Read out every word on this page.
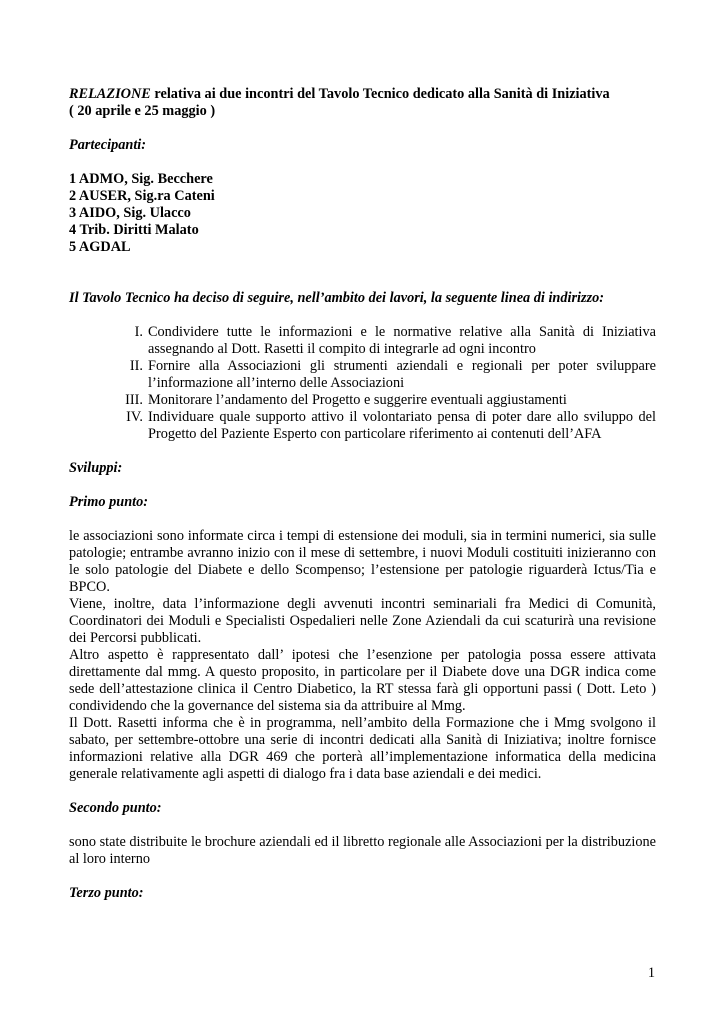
RELAZIONE relativa ai due incontri del Tavolo Tecnico dedicato alla Sanità di Iniziativa

( 20 aprile e 25 maggio )

Partecipanti:

1 ADMO, Sig. Becchere

2 AUSER, Sig.ra Cateni

3 AIDO, Sig. Ulacco

4 Trib. Diritti Malato

5 AGDAL

Il Tavolo Tecnico ha deciso di seguire, nell’ambito dei lavori, la seguente linea di indirizzo:

I. Condividere tutte le informazioni e le normative relative alla Sanità di Iniziativa assegnando al Dott. Rasetti il compito di integrarle ad ogni incontro
II. Fornire alla Associazioni gli strumenti aziendali e regionali per poter sviluppare l’informazione all’interno delle Associazioni
III. Monitorare l’andamento del Progetto e suggerire eventuali aggiustamenti
IV. Individuare quale supporto attivo il volontariato pensa di poter dare allo sviluppo del Progetto del Paziente Esperto con particolare riferimento ai contenuti dell’AFA

Sviluppi:

Primo punto:

le associazioni sono informate circa i tempi di estensione dei moduli, sia in termini numerici, sia sulle patologie; entrambe avranno inizio con il mese di settembre, i nuovi Moduli costituiti inizieranno con le solo patologie del Diabete e dello Scompenso; l’estensione per patologie riguarderà Ictus/Tia e BPCO.

Viene, inoltre, data l’informazione degli avvenuti incontri seminariali fra Medici di Comunità, Coordinatori dei Moduli e Specialisti Ospedalieri nelle Zone Aziendali da cui scaturirà una revisione dei Percorsi pubblicati.

Altro aspetto è rappresentato dall’ ipotesi che l’esenzione per patologia possa essere attivata direttamente dal mmg. A questo proposito, in particolare per il Diabete dove una DGR indica come sede dell’attestazione clinica il Centro Diabetico, la RT stessa farà gli opportuni passi ( Dott. Leto ) condividendo che la governance del sistema sia da attribuire al Mmg.

Il Dott. Rasetti informa che è in programma, nell’ambito della Formazione che i Mmg svolgono il sabato, per settembre-ottobre una serie di incontri dedicati alla Sanità di Iniziativa; inoltre fornisce informazioni relative alla DGR 469 che porterà all’implementazione informatica della medicina generale relativamente agli aspetti di dialogo fra i data base aziendali e dei medici.

Secondo punto:

sono state distribuite le brochure aziendali ed il libretto regionale alle Associazioni per la distribuzione al loro interno

Terzo punto:

1
